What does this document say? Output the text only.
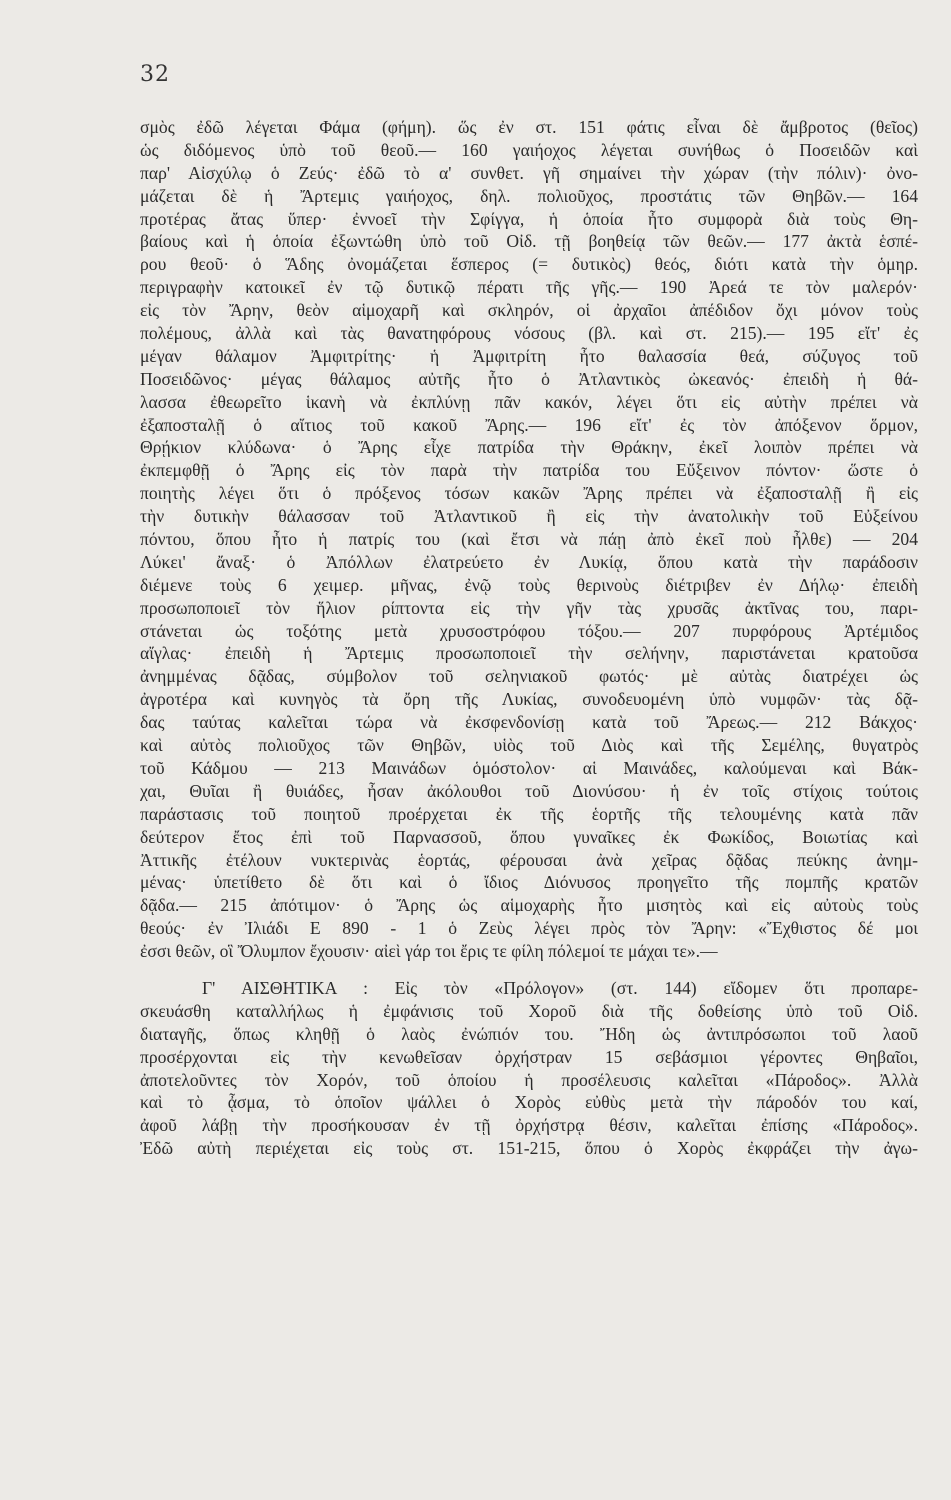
32
σμὸς ἐδῶ λέγεται Φάμα (φήμη). ὥς ἐν στ. 151 φάτις εἶναι δὲ ἄμβροτος (θεῖος)
ὡς διδόμενος ὑπὸ τοῦ θεοῦ.— 160 γαιήοχος λέγεται συνήθως ὁ Ποσειδῶν καὶ
παρ' Αἰσχύλῳ ὁ Ζεύς· ἐδῶ τὸ α' συνθετ. γῆ σημαίνει τὴν χώραν (τὴν πόλιν)· ὀνο-
μάζεται δὲ ἡ Ἄρτεμις γαιήοχος, δηλ. πολιοῦχος, προστάτις τῶν Θηβῶν.— 164
προτέρας ἄτας ὕπερ· ἐννοεῖ τὴν Σφίγγα, ἡ ὁποία ἦτο συμφορὰ διὰ τοὺς Θη-
βαίους καὶ ἡ ὁποία ἐξωντώθη ὑπὸ τοῦ Οἰδ. τῇ βοηθείᾳ τῶν θεῶν.— 177 ἀκτὰ ἑσπέ-
ρου θεοῦ· ὁ Ἅδης ὀνομάζεται ἕσπερος (= δυτικὸς) θεός, διότι κατὰ τὴν ὁμηρ.
περιγραφὴν κατοικεῖ ἐν τῷ δυτικῷ πέρατι τῆς γῆς.— 190 Ἀρεά τε τὸν μαλερόν·
εἰς τὸν Ἄρην, θεὸν αἱμοχαρῆ καὶ σκληρόν, οἱ ἀρχαῖοι ἀπέδιδον ὄχι μόνον τοὺς
πολέμους, ἀλλὰ καὶ τὰς θανατηφόρους νόσους (βλ. καὶ στ. 215).— 195 εἴτ' ἐς
μέγαν θάλαμον Ἀμφιτρίτης· ἡ Ἀμφιτρίτη ἦτο θαλασσία θεά, σύζυγος τοῦ
Ποσειδῶνος· μέγας θάλαμος αὐτῆς ἦτο ὁ Ἀτλαντικὸς ὠκεανός· ἐπειδὴ ἡ θά-
λασσα ἐθεωρεῖτο ἱκανὴ νὰ ἐκπλύνῃ πᾶν κακόν, λέγει ὅτι εἰς αὐτὴν πρέπει νὰ
ἐξαποσταλῇ ὁ αἴτιος τοῦ κακοῦ Ἄρης.— 196 εἴτ' ἐς τὸν ἀπόξενον ὅρμον,
Θρῄκιον κλύδωνα· ὁ Ἄρης εἶχε πατρίδα τὴν Θράκην, ἐκεῖ λοιπὸν πρέπει νὰ
ἐκπεμφθῇ ὁ Ἄρης εἰς τὸν παρὰ τὴν πατρίδα του Εὔξεινον πόντον· ὥστε ὁ
ποιητὴς λέγει ὅτι ὁ πρόξενος τόσων κακῶν Ἄρης πρέπει νὰ ἐξαποσταλῇ ἢ εἰς
τὴν δυτικὴν θάλασσαν τοῦ Ἀτλαντικοῦ ἢ εἰς τὴν ἀνατολικὴν τοῦ Εὐξείνου
πόντου, ὅπου ἦτο ἡ πατρίς του (καὶ ἔτσι νὰ πάῃ ἀπὸ ἐκεῖ ποὺ ἦλθε) — 204
Λύκει' ἄναξ· ὁ Ἀπόλλων ἐλατρεύετο ἐν Λυκίᾳ, ὅπου κατὰ τὴν παράδοσιν
διέμενε τοὺς 6 χειμερ. μῆνας, ἐνῷ τοὺς θερινοὺς διέτριβεν ἐν Δήλῳ· ἐπειδὴ
προσωποποιεῖ τὸν ἥλιον ρίπτοντα εἰς τὴν γῆν τὰς χρυσᾶς ἀκτῖνας του, παρι-
στάνεται ὡς τοξότης μετὰ χρυσοστρόφου τόξου.— 207 πυρφόρους Ἀρτέμιδος
αἴγλας· ἐπειδὴ ἡ Ἄρτεμις προσωποποιεῖ τὴν σελήνην, παριστάνεται κρατοῦσα
ἀνημμένας δᾷδας, σύμβολον τοῦ σεληνιακοῦ φωτός· μὲ αὐτὰς διατρέχει ὡς
ἀγροτέρα καὶ κυνηγὸς τὰ ὄρη τῆς Λυκίας, συνοδευομένη ὑπὸ νυμφῶν· τὰς δᾷ-
δας ταύτας καλεῖται τώρα νὰ ἐκσφενδονίσῃ κατὰ τοῦ Ἄρεως.— 212 Βάκχος·
καὶ αὐτὸς πολιοῦχος τῶν Θηβῶν, υἱὸς τοῦ Διὸς καὶ τῆς Σεμέλης, θυγατρὸς
τοῦ Κάδμου — 213 Μαινάδων ὁμόστολον· αἱ Μαινάδες, καλούμεναι καὶ Βάκ-
χαι, Θυῖαι ἢ θυιάδες, ἦσαν ἀκόλουθοι τοῦ Διονύσου· ἡ ἐν τοῖς στίχοις τούτοις
παράστασις τοῦ ποιητοῦ προέρχεται ἐκ τῆς ἑορτῆς τῆς τελουμένης κατὰ πᾶν
δεύτερον ἔτος ἐπὶ τοῦ Παρνασσοῦ, ὅπου γυναῖκες ἐκ Φωκίδος, Βοιωτίας καὶ
Ἀττικῆς ἐτέλουν νυκτερινὰς ἑορτάς, φέρουσαι ἀνὰ χεῖρας δᾷδας πεύκης ἀνημ-
μένας· ὑπετίθετο δὲ ὅτι καὶ ὁ ἴδιος Διόνυσος προηγεῖτο τῆς πομπῆς κρατῶν
δᾷδα.— 215 ἀπότιμον· ὁ Ἄρης ὡς αἱμοχαρὴς ἦτο μισητὸς καὶ εἰς αὐτοὺς τοὺς
θεούς· ἐν Ἰλιάδι Ε 890 - 1 ὁ Ζεὺς λέγει πρὸς τὸν Ἄρην: «Ἔχθιστος δέ μοι
ἐσσι θεῶν, οἳ Ὄλυμπον ἔχουσιν· αἰεὶ γάρ τοι ἔρις τε φίλη πόλεμοί τε μάχαι τε».—
Γ' ΑΙΣΘΗΤΙΚΑ : Εἰς τὸν «Πρόλογον» (στ. 144) εἴδομεν ὅτι προπαρε-
σκευάσθη καταλλήλως ἡ ἐμφάνισις τοῦ Χοροῦ διὰ τῆς δοθείσης ὑπὸ τοῦ Οἰδ.
διαταγῆς, ὅπως κληθῇ ὁ λαὸς ἐνώπιόν του. Ἤδη ὡς ἀντιπρόσωποι τοῦ λαοῦ
προσέρχονται εἰς τὴν κενωθεῖσαν ὀρχήστραν 15 σεβάσμιοι γέροντες Θηβαῖοι,
ἀποτελοῦντες τὸν Χορόν, τοῦ ὁποίου ἡ προσέλευσις καλεῖται «Πάροδος». Ἀλλὰ
καὶ τὸ ᾆσμα, τὸ ὁποῖον ψάλλει ὁ Χορὸς εὐθὺς μετὰ τὴν πάροδόν του καί,
ἀφοῦ λάβῃ τὴν προσήκουσαν ἐν τῇ ὀρχήστρᾳ θέσιν, καλεῖται ἐπίσης «Πάροδος».
Ἐδῶ αὐτὴ περιέχεται εἰς τοὺς στ. 151-215, ὅπου ὁ Χορὸς ἐκφράζει τὴν ἀγω-
